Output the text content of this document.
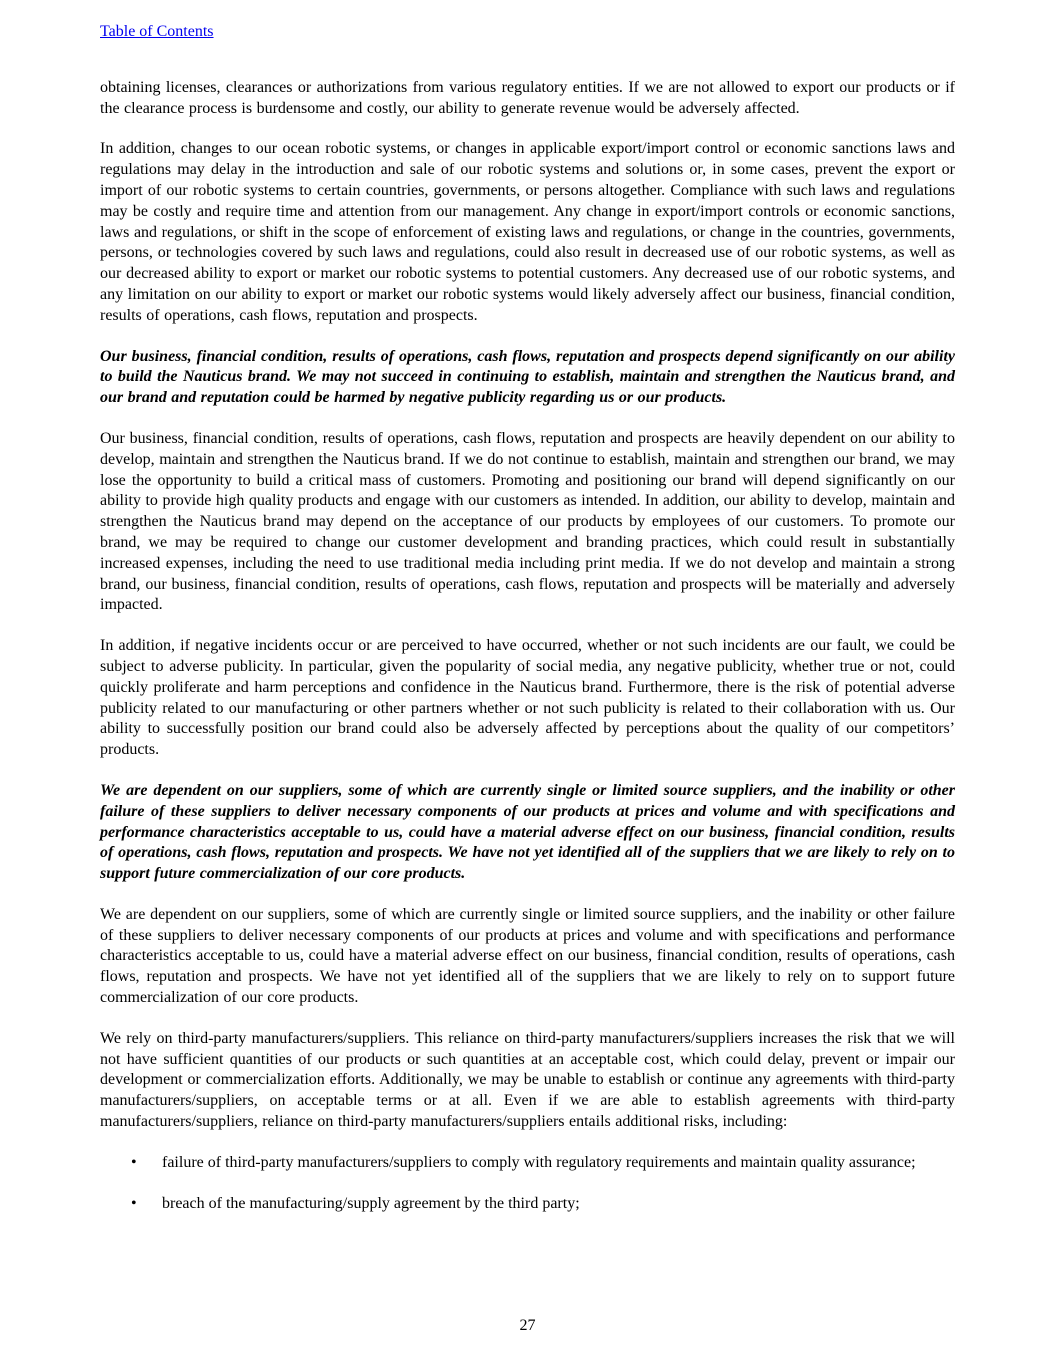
Table of Contents

obtaining licenses, clearances or authorizations from various regulatory entities. If we are not allowed to export our products or if the clearance process is burdensome and costly, our ability to generate revenue would be adversely affected.

In addition, changes to our ocean robotic systems, or changes in applicable export/import control or economic sanctions laws and regulations may delay in the introduction and sale of our robotic systems and solutions or, in some cases, prevent the export or import of our robotic systems to certain countries, governments, or persons altogether. Compliance with such laws and regulations may be costly and require time and attention from our management. Any change in export/import controls or economic sanctions, laws and regulations, or shift in the scope of enforcement of existing laws and regulations, or change in the countries, governments, persons, or technologies covered by such laws and regulations, could also result in decreased use of our robotic systems, as well as our decreased ability to export or market our robotic systems to potential customers. Any decreased use of our robotic systems, and any limitation on our ability to export or market our robotic systems would likely adversely affect our business, financial condition, results of operations, cash flows, reputation and prospects.

Our business, financial condition, results of operations, cash flows, reputation and prospects depend significantly on our ability to build the Nauticus brand. We may not succeed in continuing to establish, maintain and strengthen the Nauticus brand, and our brand and reputation could be harmed by negative publicity regarding us or our products.

Our business, financial condition, results of operations, cash flows, reputation and prospects are heavily dependent on our ability to develop, maintain and strengthen the Nauticus brand. If we do not continue to establish, maintain and strengthen our brand, we may lose the opportunity to build a critical mass of customers. Promoting and positioning our brand will depend significantly on our ability to provide high quality products and engage with our customers as intended. In addition, our ability to develop, maintain and strengthen the Nauticus brand may depend on the acceptance of our products by employees of our customers. To promote our brand, we may be required to change our customer development and branding practices, which could result in substantially increased expenses, including the need to use traditional media including print media. If we do not develop and maintain a strong brand, our business, financial condition, results of operations, cash flows, reputation and prospects will be materially and adversely impacted.

In addition, if negative incidents occur or are perceived to have occurred, whether or not such incidents are our fault, we could be subject to adverse publicity. In particular, given the popularity of social media, any negative publicity, whether true or not, could quickly proliferate and harm perceptions and confidence in the Nauticus brand. Furthermore, there is the risk of potential adverse publicity related to our manufacturing or other partners whether or not such publicity is related to their collaboration with us. Our ability to successfully position our brand could also be adversely affected by perceptions about the quality of our competitors’ products.

We are dependent on our suppliers, some of which are currently single or limited source suppliers, and the inability or other failure of these suppliers to deliver necessary components of our products at prices and volume and with specifications and performance characteristics acceptable to us, could have a material adverse effect on our business, financial condition, results of operations, cash flows, reputation and prospects. We have not yet identified all of the suppliers that we are likely to rely on to support future commercialization of our core products.

We are dependent on our suppliers, some of which are currently single or limited source suppliers, and the inability or other failure of these suppliers to deliver necessary components of our products at prices and volume and with specifications and performance characteristics acceptable to us, could have a material adverse effect on our business, financial condition, results of operations, cash flows, reputation and prospects. We have not yet identified all of the suppliers that we are likely to rely on to support future commercialization of our core products.

We rely on third-party manufacturers/suppliers. This reliance on third-party manufacturers/suppliers increases the risk that we will not have sufficient quantities of our products or such quantities at an acceptable cost, which could delay, prevent or impair our development or commercialization efforts. Additionally, we may be unable to establish or continue any agreements with third-party manufacturers/suppliers, on acceptable terms or at all. Even if we are able to establish agreements with third-party manufacturers/suppliers, reliance on third-party manufacturers/suppliers entails additional risks, including:

•	failure of third-party manufacturers/suppliers to comply with regulatory requirements and maintain quality assurance;
•	breach of the manufacturing/supply agreement by the third party;
27
